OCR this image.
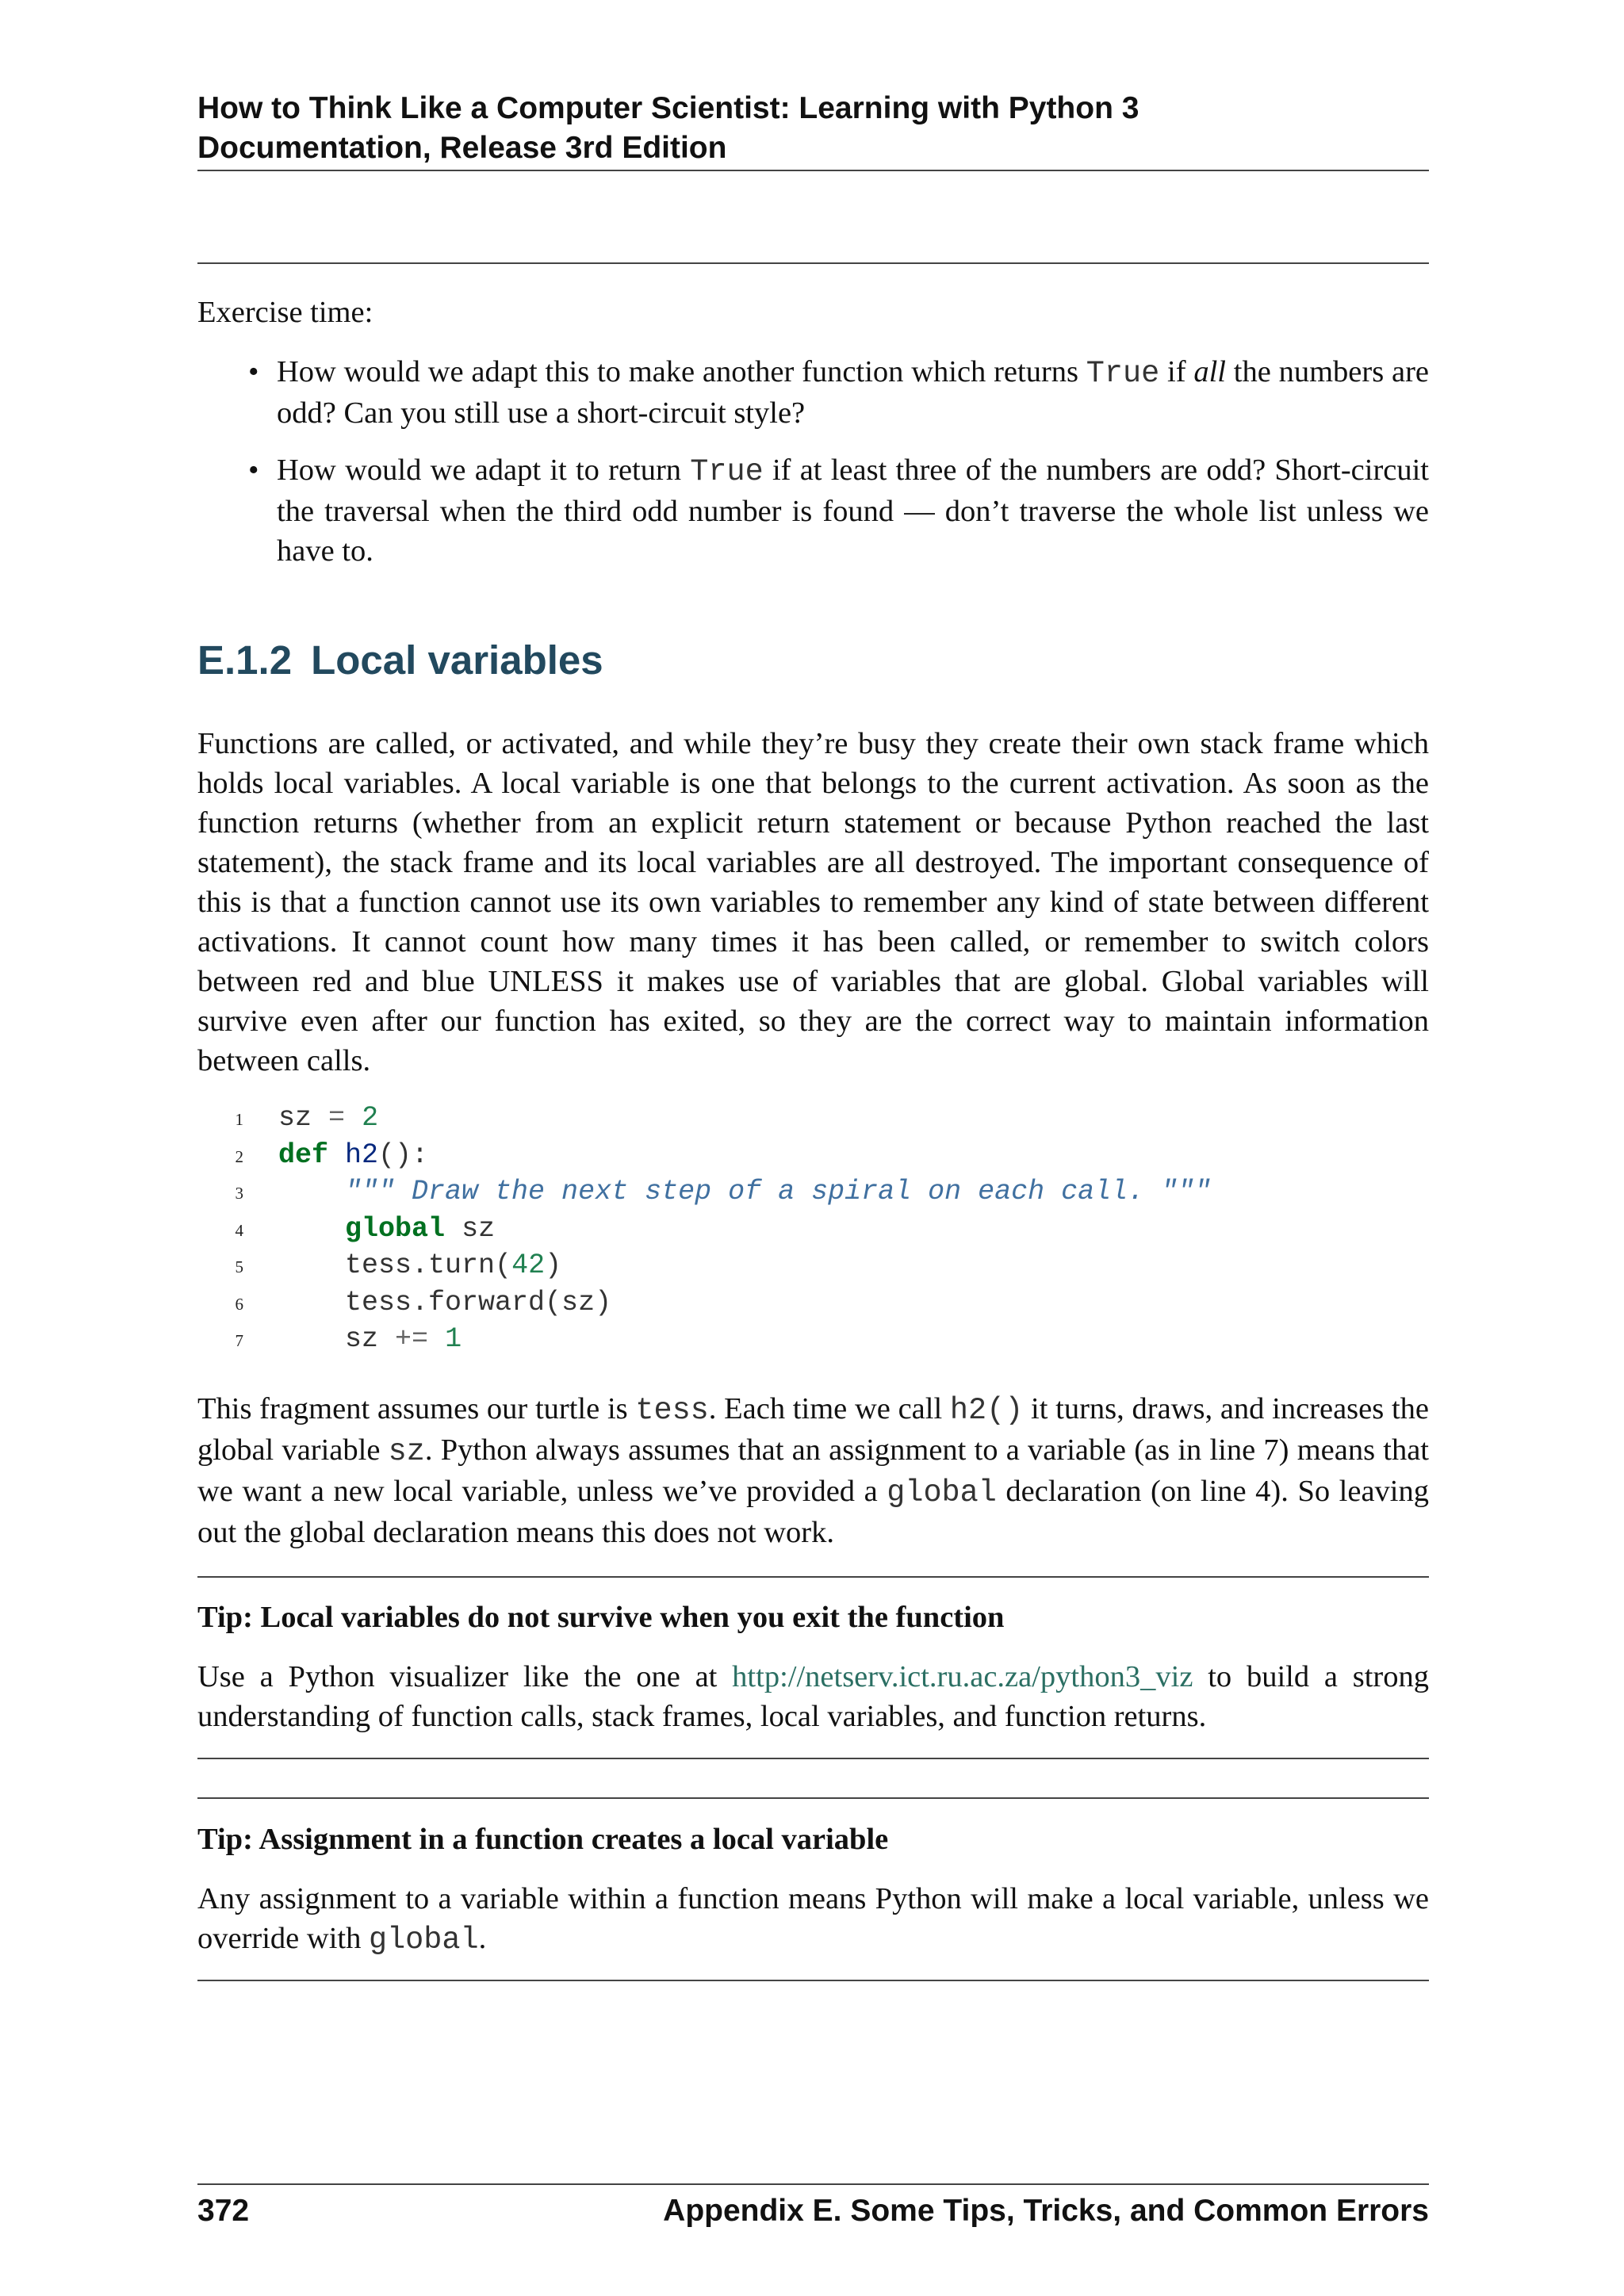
How to Think Like a Computer Scientist: Learning with Python 3
Documentation, Release 3rd Edition
Exercise time:
• How would we adapt this to make another function which returns True if all the numbers are odd? Can you still use a short-circuit style?
• How would we adapt it to return True if at least three of the numbers are odd? Short-circuit the traversal when the third odd number is found — don’t traverse the whole list unless we have to.
E.1.2 Local variables
Functions are called, or activated, and while they’re busy they create their own stack frame which holds local variables. A local variable is one that belongs to the current activation. As soon as the function returns (whether from an explicit return statement or because Python reached the last statement), the stack frame and its local variables are all destroyed. The important consequence of this is that a function cannot use its own variables to remember any kind of state between different activations. It cannot count how many times it has been called, or remember to switch colors between red and blue UNLESS it makes use of variables that are global. Global variables will survive even after our function has exited, so they are the correct way to maintain information between calls.
1 sz = 2
2 def h2():
3	""" Draw the next step of a spiral on each call. """
4	global sz
5	tess.turn(42)
6	tess.forward(sz)
7	sz += 1
This fragment assumes our turtle is tess. Each time we call h2() it turns, draws, and increases the global variable sz. Python always assumes that an assignment to a variable (as in line 7) means that we want a new local variable, unless we’ve provided a global declaration (on line 4). So leaving out the global declaration means this does not work.
Tip: Local variables do not survive when you exit the function
Use a Python visualizer like the one at http://netserv.ict.ru.ac.za/python3_viz to build a strong understanding of function calls, stack frames, local variables, and function returns.
Tip: Assignment in a function creates a local variable
Any assignment to a variable within a function means Python will make a local variable, unless we override with global.
372	Appendix E. Some Tips, Tricks, and Common Errors
